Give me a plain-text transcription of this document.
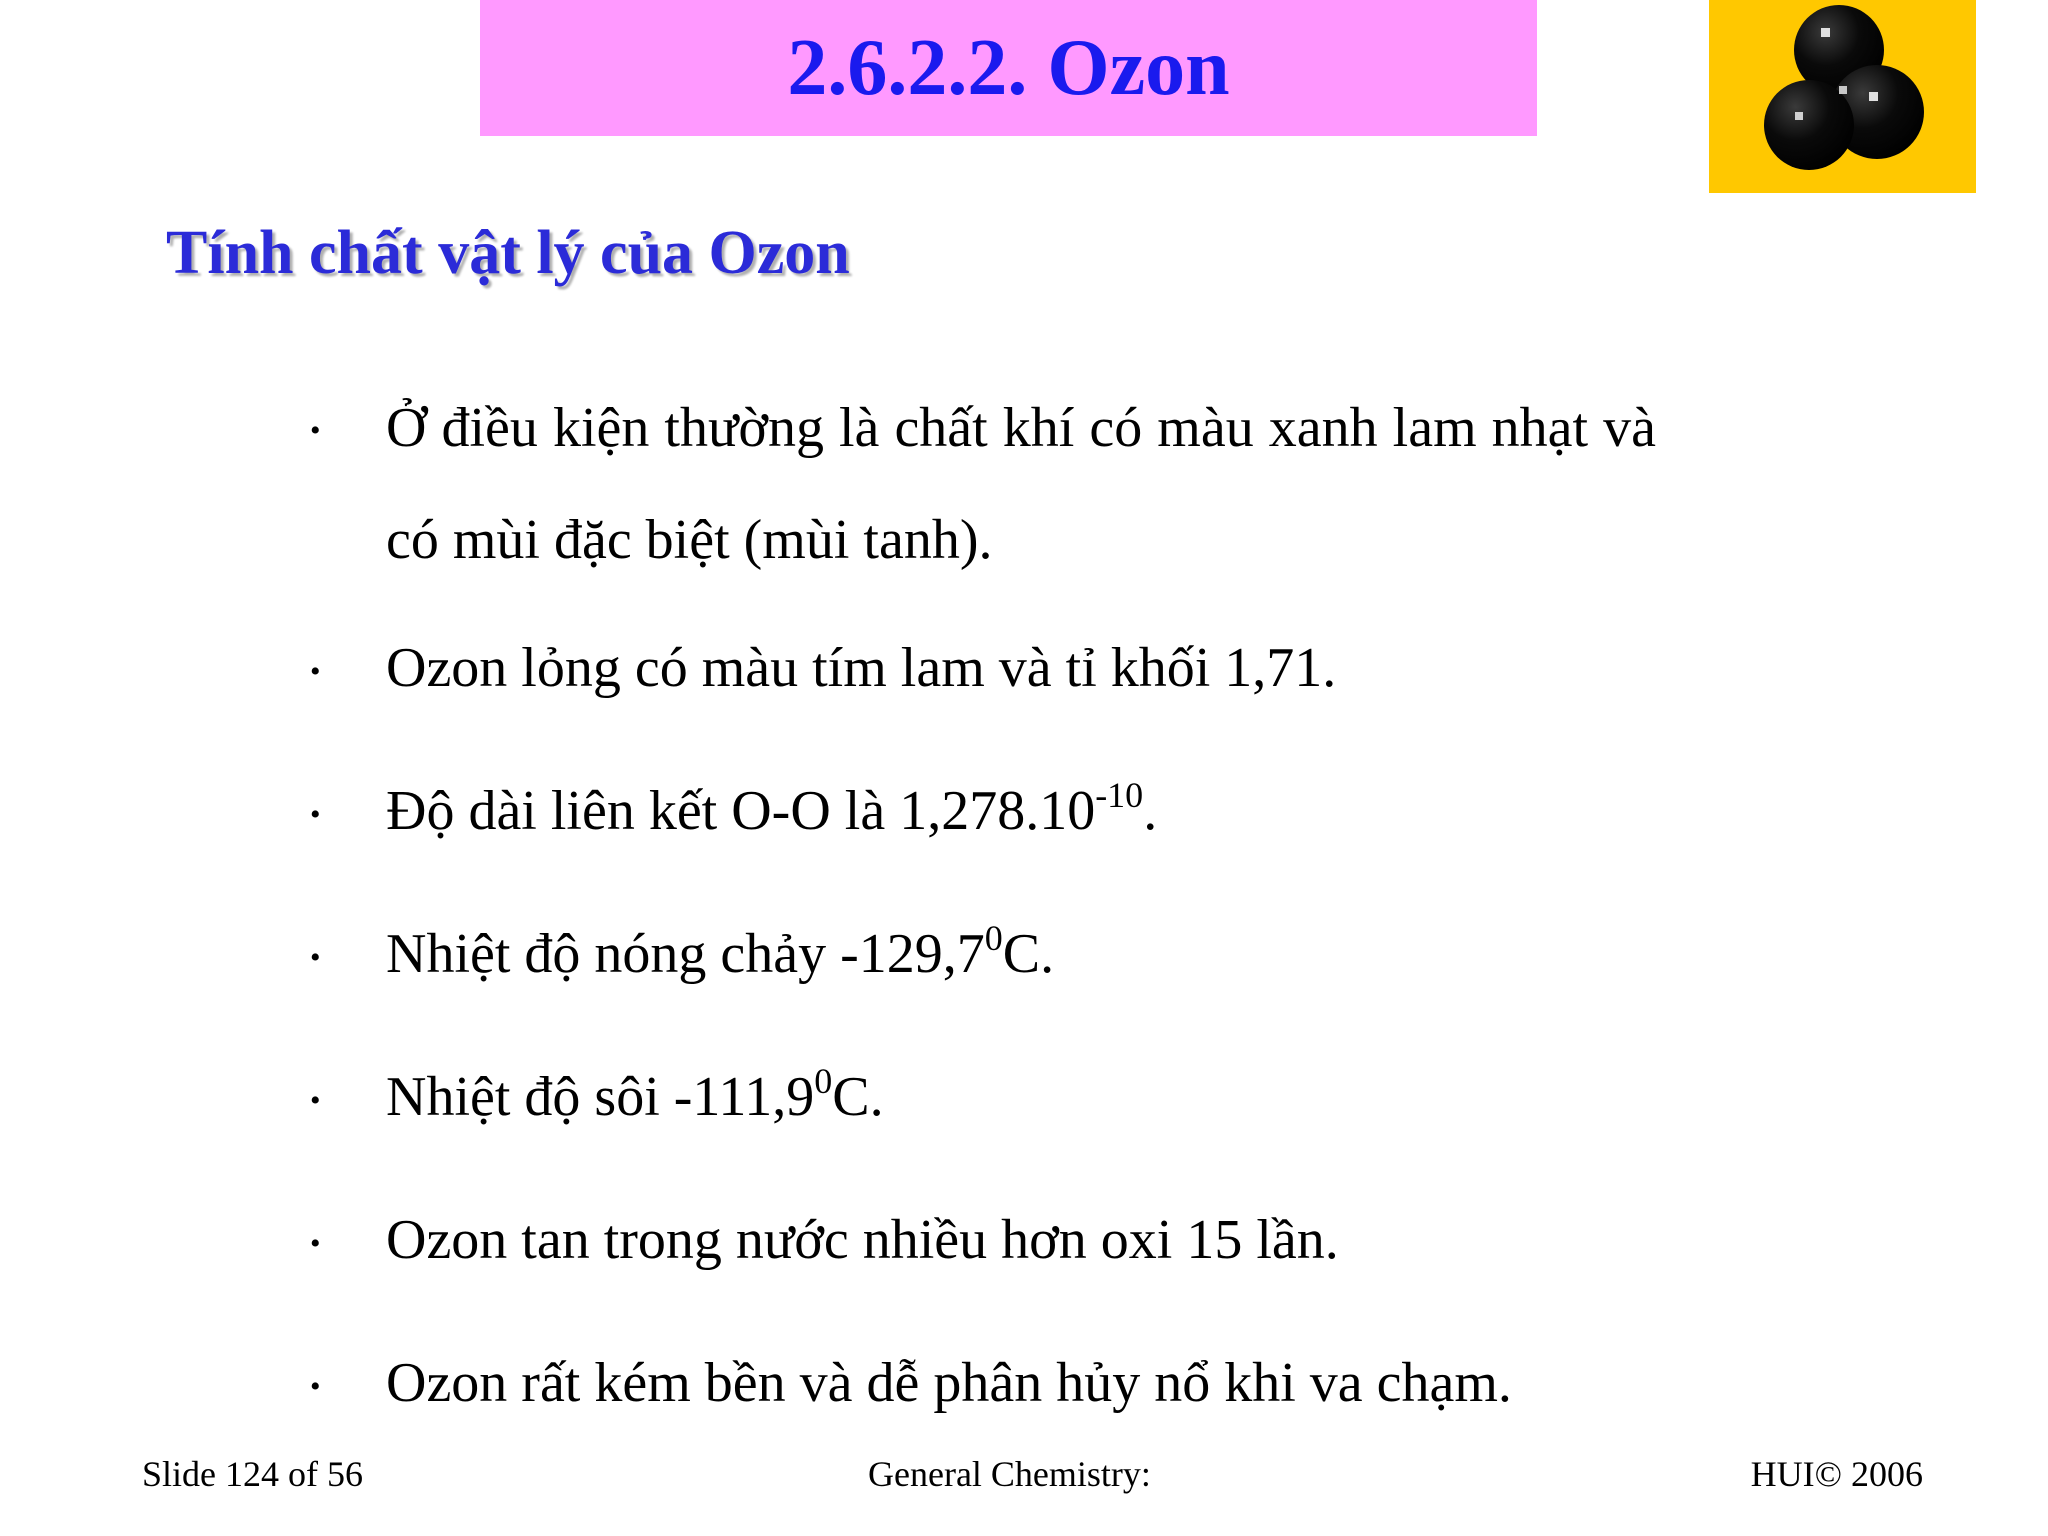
2.6.2.2. Ozon
Tính chất vật lý của Ozon
• Ở điều kiện thường là chất khí có màu xanh lam nhạt và có mùi đặc biệt (mùi tanh).
• Ozon lỏng có màu tím lam và tỉ khối 1,71.
• Độ dài liên kết O-O là $1,278.10^{-10}$.
• Nhiệt độ nóng chảy -129,7$^0$C.
• Nhiệt độ sôi -111,9$^0$C.
• Ozon tan trong nước nhiều hơn oxi 15 lần.
• Ozon rất kém bền và dễ phân hủy nổ khi va chạm.
Slide 124 of 56	General Chemistry:	HUI© 2006
